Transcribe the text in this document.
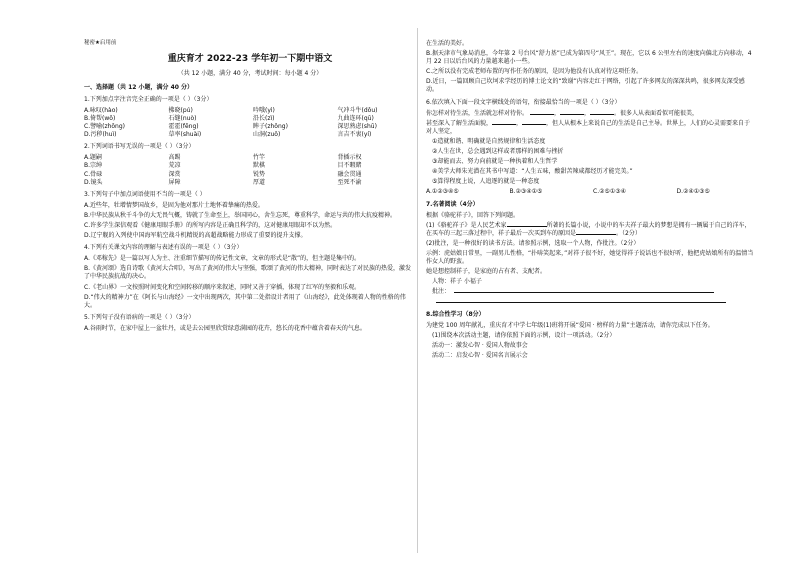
秘密★启用前
重庆育才 2022-23 学年初一下期中语文
（共 12 小题，满分 40 分，考试时间：每小题 4 分）
一、选择题（共 12 小题，满分 40 分）
1.下列加点字注音完全正确的一项是（ ）（3分）
A.咏叹(hào)	拂晓(pú)	吟哦(yì)	气冲斗牛(dǒu)
B.倚帮(wō)	石缝(nuò)	沿长(zì)	九曲连环(qū)
C.譬喻(zhōng)	霍霍(fēng)	眸子(zhōng)	深思熟虑(shū)
D.污秽(huì)	草率(shuài)	山洞(zuǒ)	言吉不衷(yí)
2.下列词语书写无误的一项是（ ）（3分）
A.题嗣	高踢	竹竿	背插示权
B.宗绅	荒凉	默棋	目不暇睹
C.骨碌	深赏	锐势	融会贯通
D.镜头	屏障	厚道	至死不渝
3.下列句子中加点词语使用不当的一项是（ ）
A.近些年，牡增情梦国故乡，是固为他对那片土地怀着挚痛的热爱。
B.中华民族从秋千斗争的大无畏气概，铸就了生命至上，举国同心，舍生忘死，尊重科学，命运与共的伟大抗疫精神。
C.许多学生深信观看《健康用眼手册》的所写内容是正确且科学的，这对健康用眼却不以为然。
D.辽宁舰的入列使中国海军航空战斗机精锐的高超战略能力形成了重要的提升支撑。
4.下列有关课文内容的理解与表述有误的一项是（ ）（3分）
A.《邓稼先》是一篇以写人为主、注重细节描写的传记性文章，文章的形式是“散”的，但主题是集中的。
B.《黄河颂》选自诗歌《黄河大合唱》，写出了黄河的伟大与坚强，歌颂了黄河的伟大精神，同时表达了对民族的热爱，激发了中华民族抗战的决心。
C.《老山界》一文按照时间变化和空间转移的顺序来叙述，同时又善于穿插，体现了红军的坚毅和乐观。
D.“伟大的精神力”在《阿长与山海经》一文中出现两次，其中第二处指设计者用了《山海经》，此处体现着人物的性格的伟大。
5.下列句子没有语病的一项是（ ）（3分）
A.谷雨时节，在家中屋上一盆牡丹，或是去公园里欣赏绿意满园的花卉，悠长的花香中蕴含着春天的气息。
在生活的美好。
B.据天津市气象局消息，今年第 2 号台风“舒力基”已成为第四号“风王”。现在，它以 6 公里左右的速度向偏北方向移动，4 月 22 日以后台风的力量越来越小一些。
C.之所以没有完成老师布置的写作任务的原因，是因为他没有认真对待这项任务。
D.近日，一篇回顾自己坎坷求学经历的博士论文的“致谢”内容走红于网络，引起了许多网友的深深共鸣，很多网友深受感动。
6.依次填入下面一段文字横线处的语句，衔接最恰当的一项是（ ）（3分）
你怎样对待生活，生活就怎样对待你。	，	，	。很多人从表面看似可能很美，
甚至深入了解生活面貌，	，	，但人从根本上来说自己的生活是自己主导。世界上，人们的心灵需要来自于对人坚定，
①造就和谐、明确就是自然规律和生活态度
②人生在世，总会遇到这样或者那样的困难与挫折
③却能而去、努力向前就是一种执着和人生哲学
④美学大师朱光潜在其书中写道：“人生五味，酸甜苦辣咸都经历才能完美。”
⑤算得程度上说，人追逐的就是一种态度
A.①②③④⑤	B.②③④①⑤	C.②⑤①③④	D.②④①③⑤
7.名著阅读（4分）
根据《骆驼祥子》，回答下列问题。
(1)《骆驼祥子》是人民艺术家	所著的长篇小说，小说中的车夫祥子最大的梦想是拥有一辆属于自己的洋车，在买车的三起三落过程中，祥子最后一次买到车的原因是	。（2分）
(2)批注，是一种很好的读书方法。请参照示例，选取一个人物，作批注。（2分）
示例：虎姑娘日常里，一副男儿性格，“扑哧笑起来，”对祥子很不好，她觉得祥子说话也不很好听，他把虎姑娘所有的温情当作女人的野蛮。
她是想控制祥子，是家庭的占有者、支配者。
人物：祥子 小福子
批注：
8.综合性学习（8分）
为建党 100 周年献礼，重庆育才中学七年级(1)班将开展“爱国 · 榜样的力量”主题活动，请你完成以下任务。
(1)围绕本次活动主题，请你依照下面的示例，设计一项活动。（2分）
活动一：激发心智 · 爱国人物故事会
活动二：启发心智 · 爱国名言展示会
